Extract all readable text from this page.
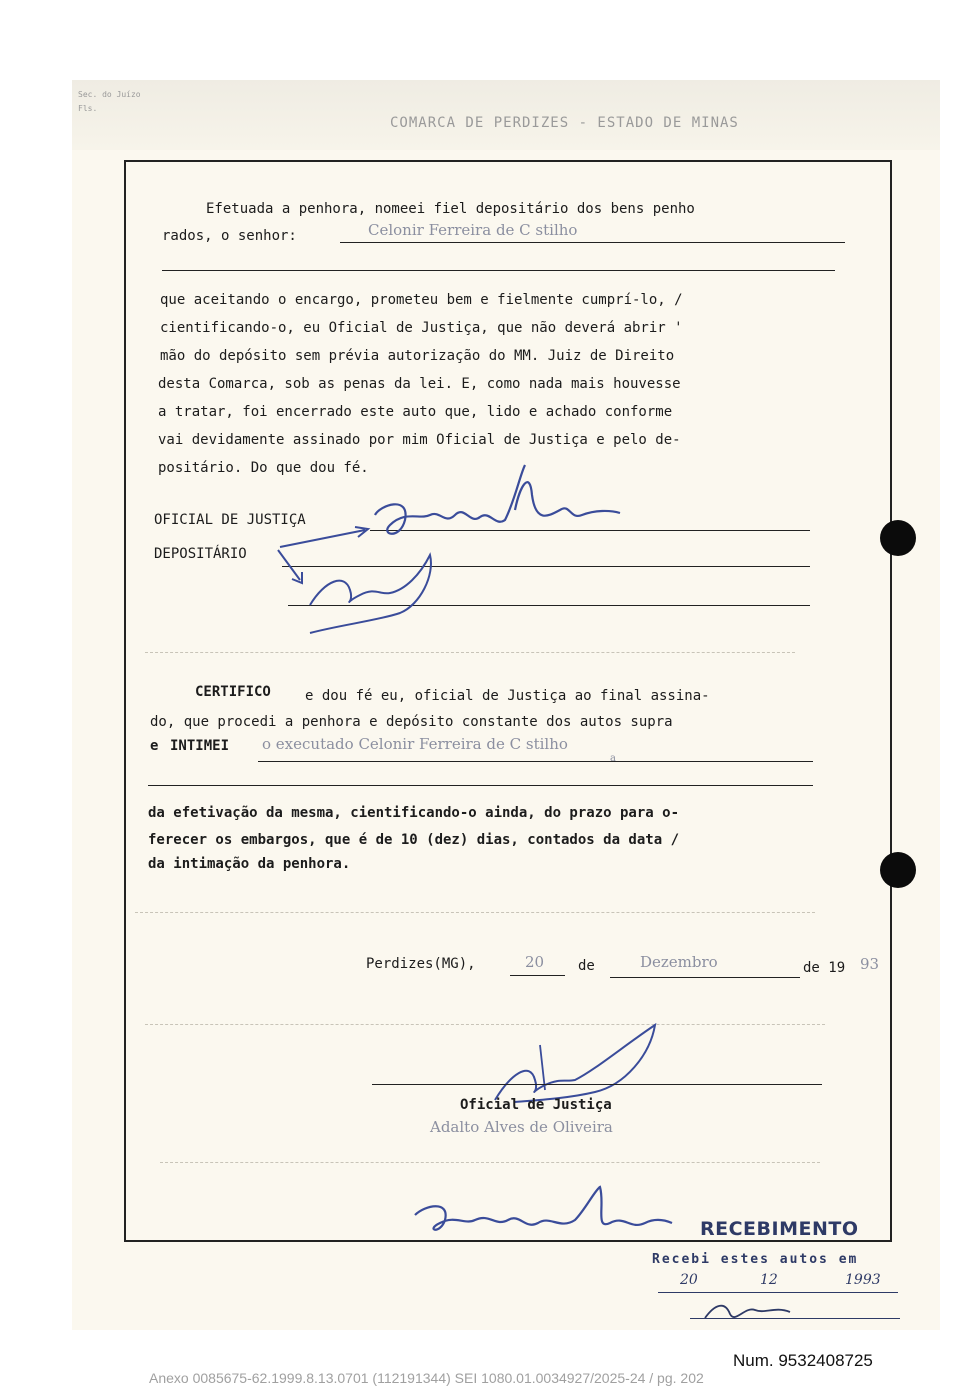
Sec. do Juízo
Fls.
COMARCA DE PERDIZES - ESTADO DE MINAS
Efetuada a penhora, nomeei fiel depositário dos bens penho
rados, o senhor:	Celonir Ferreira de C stilho
que aceitando o encargo, prometeu bem e fielmente cumprí-lo, /
cientificando-o, eu Oficial de Justiça, que não deverá abrir '
mão do depósito sem prévia autorização do MM. Juiz de Direito
desta Comarca, sob as penas da lei. E, como nada mais houvesse
a tratar, foi encerrado este auto que, lido e achado conforme
vai devidamente assinado por mim Oficial de Justiça e pelo de-
positário. Do que dou fé.
OFICIAL DE JUSTIÇA
DEPOSITÁRIO
CERTIFICO e dou fé eu, oficial de Justiça ao final assina-
do, que procedi a penhora e depósito constante dos autos supra
e INTIMEI o executado Celonir Ferreira de C stilho
a
da efetivação da mesma, cientificando-o ainda, do prazo para o-
ferecer os embargos, que é de 10 (dez) dias, contados da data /
da intimação da penhora.
Perdizes(MG),	20 de	Dezembro	de 19 93
Oficial de Justiça
Adalto Alves de Oliveira
RECEBIMENTO
Recebi estes autos em
20	12	1993
Num. 9532408725
Anexo 0085675-62.1999.8.13.0701 (112191344) SEI 1080.01.0034927/2025-24 / pg. 202
